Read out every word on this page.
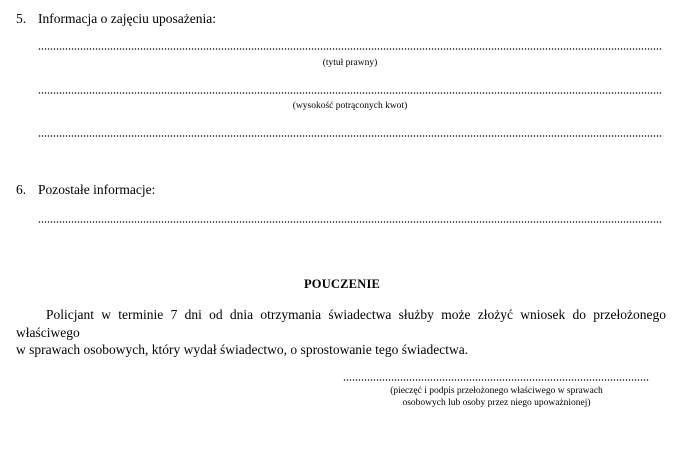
5. Informacja o zajęciu uposażenia:
(tytuł prawny)
(wysokość potrąconych kwot)
6. Pozostałe informacje:
POUCZENIE
Policjant w terminie 7 dni od dnia otrzymania świadectwa służby może złożyć wniosek do przełożonego właściwego
w sprawach osobowych, który wydał świadectwo, o sprostowanie tego świadectwa.
(pieczęć i podpis przełożonego właściwego w sprawach
osobowych lub osoby przez niego upoważnionej)
